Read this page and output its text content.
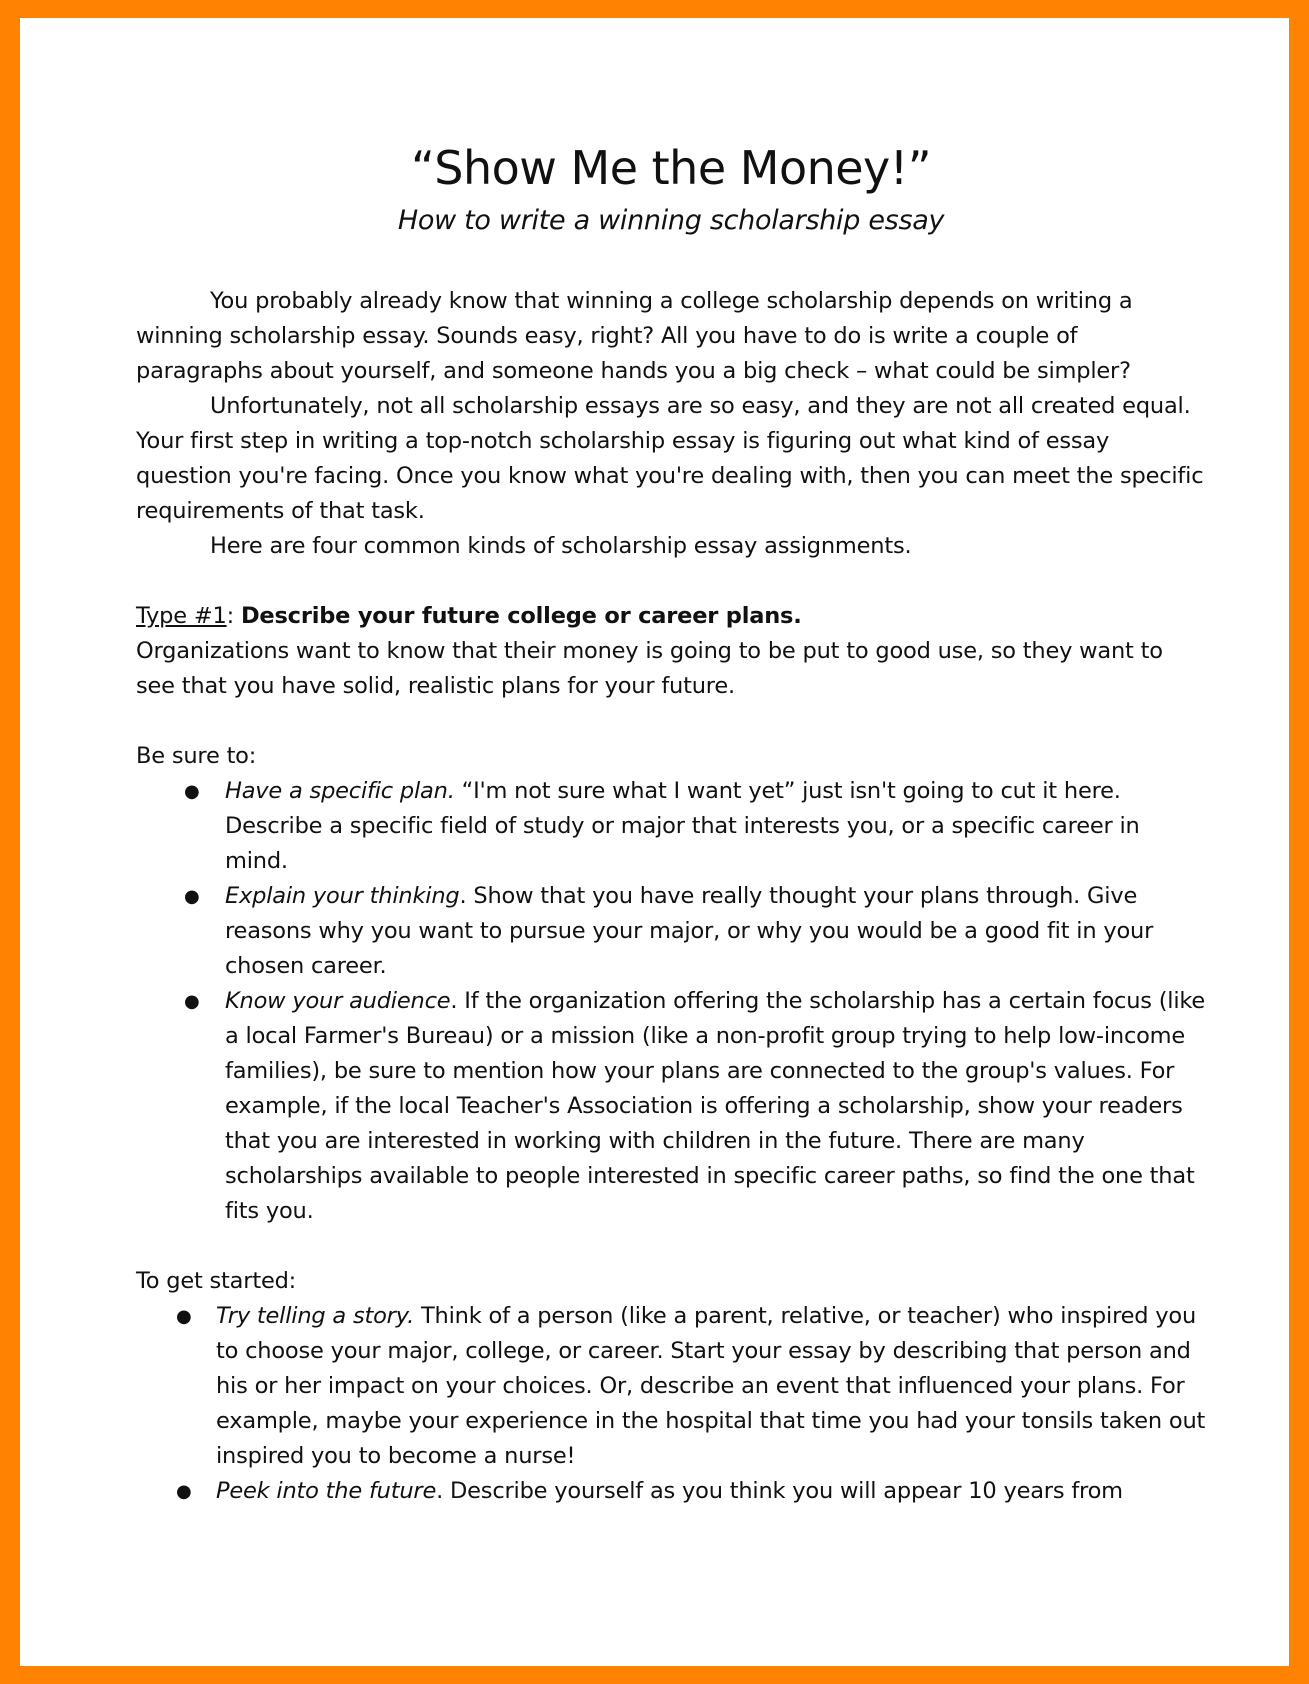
“Show Me the Money!”
How to write a winning scholarship essay

You probably already know that winning a college scholarship depends on writing a winning scholarship essay. Sounds easy, right? All you have to do is write a couple of paragraphs about yourself, and someone hands you a big check – what could be simpler?

Unfortunately, not all scholarship essays are so easy, and they are not all created equal. Your first step in writing a top-notch scholarship essay is figuring out what kind of essay question you're facing. Once you know what you're dealing with, then you can meet the specific requirements of that task.

Here are four common kinds of scholarship essay assignments.

Type #1: Describe your future college or career plans.

Organizations want to know that their money is going to be put to good use, so they want to see that you have solid, realistic plans for your future.

Be sure to:

● Have a specific plan. “I'm not sure what I want yet” just isn't going to cut it here. Describe a specific field of study or major that interests you, or a specific career in mind.
● Explain your thinking. Show that you have really thought your plans through. Give reasons why you want to pursue your major, or why you would be a good fit in your chosen career.
● Know your audience. If the organization offering the scholarship has a certain focus (like a local Farmer's Bureau) or a mission (like a non-profit group trying to help low-income families), be sure to mention how your plans are connected to the group's values. For example, if the local Teacher's Association is offering a scholarship, show your readers that you are interested in working with children in the future. There are many scholarships available to people interested in specific career paths, so find the one that fits you.

To get started:

● Try telling a story. Think of a person (like a parent, relative, or teacher) who inspired you to choose your major, college, or career. Start your essay by describing that person and his or her impact on your choices. Or, describe an event that influenced your plans. For example, maybe your experience in the hospital that time you had your tonsils taken out inspired you to become a nurse!
● Peek into the future. Describe yourself as you think you will appear 10 years from
